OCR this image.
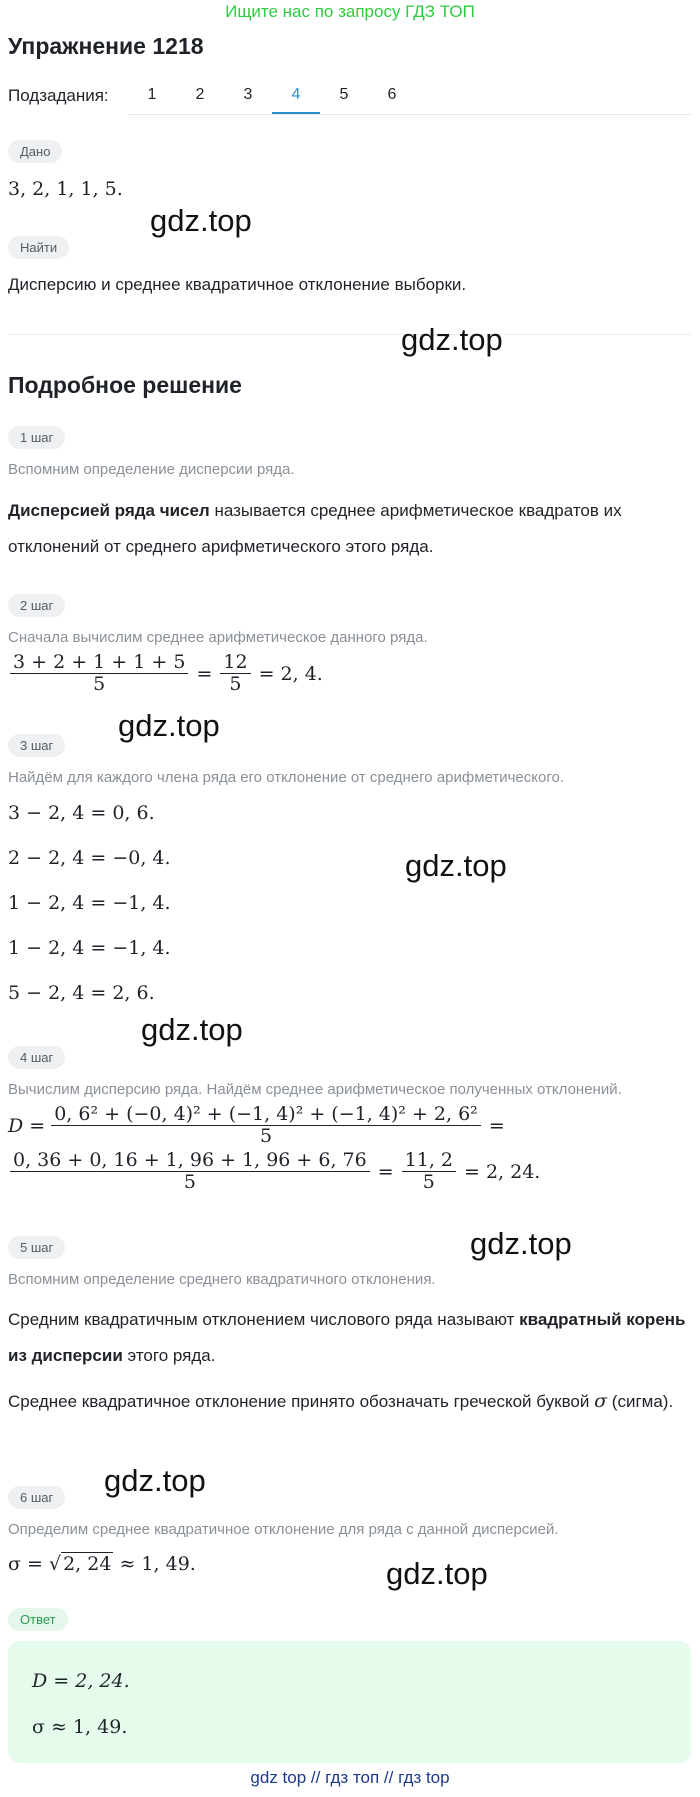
Ищите нас по запросу ГДЗ ТОП
Упражнение 1218
Подзадания:	1	2	3	4	5	6
Дано
3, 2, 1, 1, 5.
gdz.top
Найти
Дисперсию и среднее квадратичное отклонение выборки.
gdz.top
Подробное решение
1 шаг
Вспомним определение дисперсии ряда.
Дисперсией ряда чисел называется среднее арифметическое квадратов их отклонений от среднего арифметического этого ряда.
2 шаг
Сначала вычислим среднее арифметическое данного ряда.
$\frac{3 + 2 + 1 + 1 + 5}{5} = \frac{12}{5} = 2$, 4.
gdz.top
3 шаг
Найдём для каждого члена ряда его отклонение от среднего арифметического.
3 − 2, 4 = 0, 6.
2 − 2, 4 = −0, 4.	gdz.top
1 − 2, 4 = −1, 4.
1 − 2, 4 = −1, 4.
5 − 2, 4 = 2, 6.
gdz.top
4 шаг
Вычислим дисперсию ряда. Найдём среднее арифметическое полученных отклонений.
$D = \frac{\text{0, 6² + (−0, 4)² + (−1, 4)² + (−1, 4)² + 2, 6²}}{5}$ =
$\frac{0, 36 + 0, 16 + 1, 96 + 1, 96 + 6, 76}{5} = \frac{11, 2}{5} = 2$, 24.
gdz.top
5 шаг
Вспомним определение среднего квадратичного отклонения.
Средним квадратичным отклонением числового ряда называют квадратный корень из дисперсии этого ряда.
Среднее квадратичное отклонение принято обозначать греческой буквой σ (сигма).
gdz.top
6 шаг
Определим среднее квадратичное отклонение для ряда с данной дисперсией.
σ = √ 2, 24 ≈ 1, 49.	gdz.top
Ответ
D = 2, 24.
σ ≈ 1, 49.
gdz top // гдз топ // гдз top
